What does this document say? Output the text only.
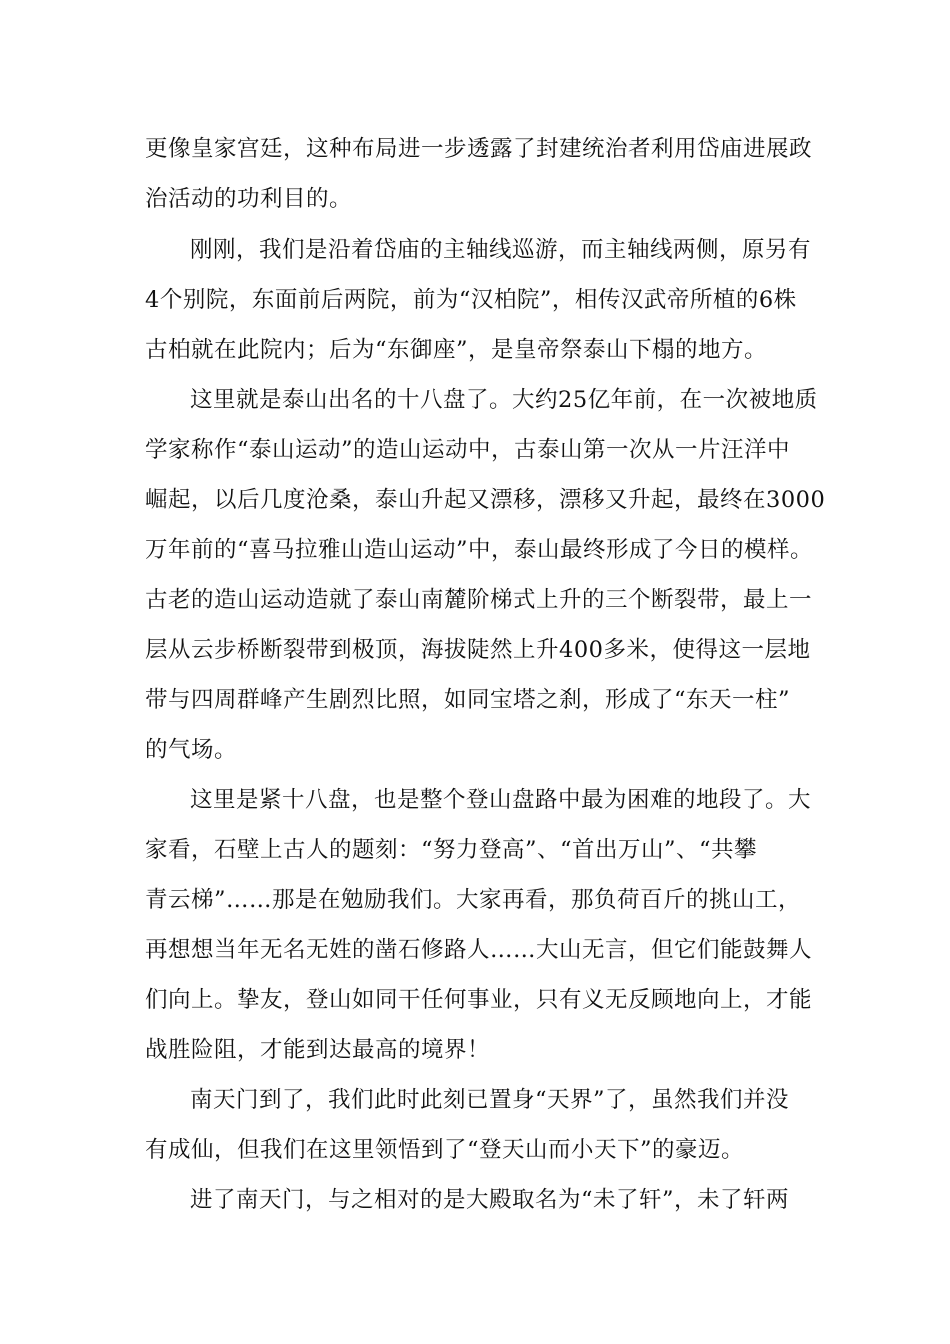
更像皇家宫廷，这种布局进一步透露了封建统治者利用岱庙进展政
治活动的功利目的。
刚刚，我们是沿着岱庙的主轴线巡游，而主轴线两侧，原另有
4个别院，东面前后两院，前为“汉柏院”，相传汉武帝所植的6株
古柏就在此院内；后为“东御座”，是皇帝祭泰山下榻的地方。
这里就是泰山出名的十八盘了。大约25亿年前，在一次被地质
学家称作“泰山运动”的造山运动中，古泰山第一次从一片汪洋中
崛起，以后几度沧桑，泰山升起又漂移，漂移又升起，最终在3000
万年前的“喜马拉雅山造山运动”中，泰山最终形成了今日的模样。
古老的造山运动造就了泰山南麓阶梯式上升的三个断裂带，最上一
层从云步桥断裂带到极顶，海拔陡然上升400多米，使得这一层地
带与四周群峰产生剧烈比照，如同宝塔之刹，形成了“东天一柱”
的气场。
这里是紧十八盘，也是整个登山盘路中最为困难的地段了。大
家看，石壁上古人的题刻：“努力登高”、“首出万山”、“共攀
青云梯”……那是在勉励我们。大家再看，那负荷百斤的挑山工，
再想想当年无名无姓的凿石修路人……大山无言，但它们能鼓舞人
们向上。挚友，登山如同干任何事业，只有义无反顾地向上，才能
战胜险阻，才能到达最高的境界！
南天门到了，我们此时此刻已置身“天界”了，虽然我们并没
有成仙，但我们在这里领悟到了“登天山而小天下”的豪迈。
进了南天门，与之相对的是大殿取名为“未了轩”，未了轩两
